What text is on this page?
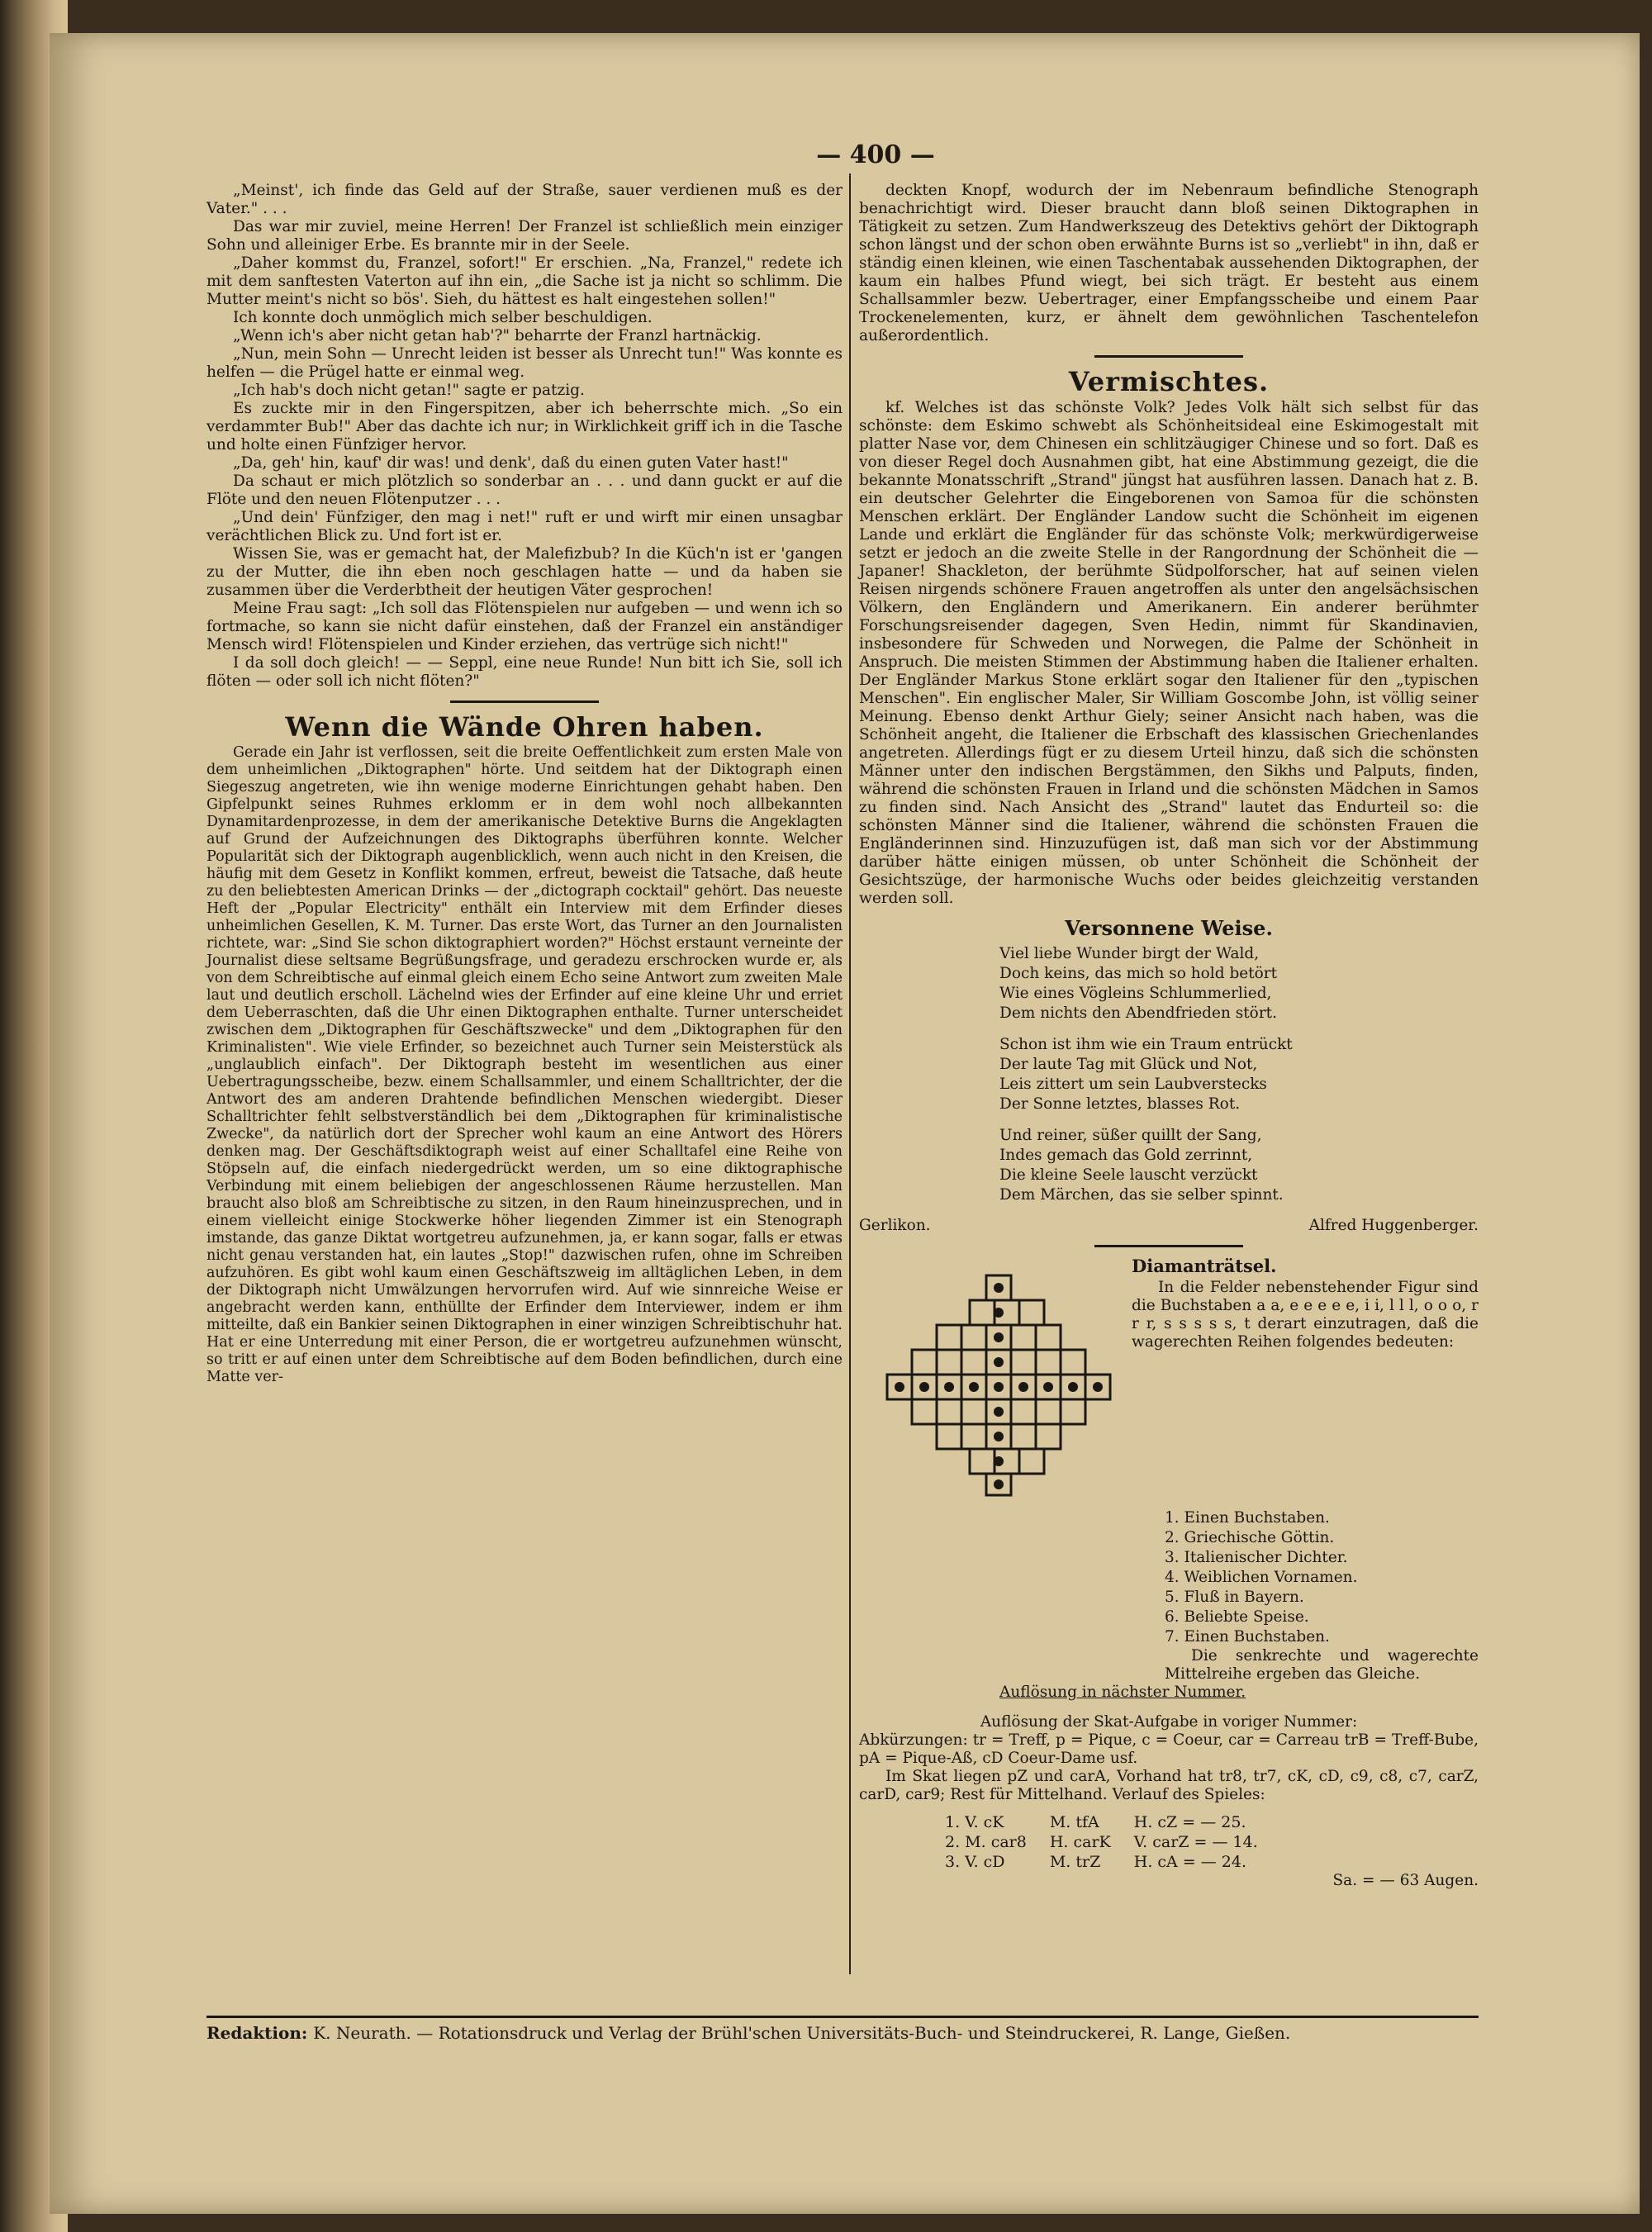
— 400 —

„Meinst', ich finde das Geld auf der Straße, sauer verdienen muß es der Vater." . . .

Das war mir zuviel, meine Herren! Der Franzel ist schließlich mein einziger Sohn und alleiniger Erbe. Es brannte mir in der Seele.

„Daher kommst du, Franzel, sofort!" Er erschien. „Na, Franzel," redete ich mit dem sanftesten Vaterton auf ihn ein, „die Sache ist ja nicht so schlimm. Die Mutter meint's nicht so bös'. Sieh, du hättest es halt eingestehen sollen!"

Ich konnte doch unmöglich mich selber beschuldigen.

„Wenn ich's aber nicht getan hab'?" beharrte der Franzl hartnäckig.

„Nun, mein Sohn — Unrecht leiden ist besser als Unrecht tun!" Was konnte es helfen — die Prügel hatte er einmal weg.

„Ich hab's doch nicht getan!" sagte er patzig.

Es zuckte mir in den Fingerspitzen, aber ich beherrschte mich. „So ein verdammter Bub!" Aber das dachte ich nur; in Wirklichkeit griff ich in die Tasche und holte einen Fünfziger hervor.

„Da, geh' hin, kauf' dir was! und denk', daß du einen guten Vater hast!"

Da schaut er mich plötzlich so sonderbar an . . . und dann guckt er auf die Flöte und den neuen Flötenputzer . . .

„Und dein' Fünfziger, den mag i net!" ruft er und wirft mir einen unsagbar verächtlichen Blick zu. Und fort ist er.

Wissen Sie, was er gemacht hat, der Malefizbub? In die Küch'n ist er 'gangen zu der Mutter, die ihn eben noch geschlagen hatte — und da haben sie zusammen über die Verderbtheit der heutigen Väter gesprochen!

Meine Frau sagt: „Ich soll das Flötenspielen nur aufgeben — und wenn ich so fortmache, so kann sie nicht dafür einstehen, daß der Franzel ein anständiger Mensch wird! Flötenspielen und Kinder erziehen, das vertrüge sich nicht!"

I da soll doch gleich! — — Seppl, eine neue Runde! Nun bitt ich Sie, soll ich flöten — oder soll ich nicht flöten?"

Wenn die Wände Ohren haben.

Gerade ein Jahr ist verflossen, seit die breite Oeffentlichkeit zum ersten Male von dem unheimlichen „Diktographen" hörte. Und seitdem hat der Diktograph einen Siegeszug angetreten, wie ihn wenige moderne Einrichtungen gehabt haben. Den Gipfelpunkt seines Ruhmes erklomm er in dem wohl noch allbekannten Dynamitardenprozesse, in dem der amerikanische Detektive Burns die Angeklagten auf Grund der Aufzeichnungen des Diktographs überführen konnte. Welcher Popularität sich der Diktograph augenblicklich, wenn auch nicht in den Kreisen, die häufig mit dem Gesetz in Konflikt kommen, erfreut, beweist die Tatsache, daß heute zu den beliebtesten American Drinks — der „dictograph cocktail" gehört. Das neueste Heft der „Popular Electricity" enthält ein Interview mit dem Erfinder dieses unheimlichen Gesellen, K. M. Turner. Das erste Wort, das Turner an den Journalisten richtete, war: „Sind Sie schon diktographiert worden?" Höchst erstaunt verneinte der Journalist diese seltsame Begrüßungsfrage, und geradezu erschrocken wurde er, als von dem Schreibtische auf einmal gleich einem Echo seine Antwort zum zweiten Male laut und deutlich erscholl. Lächelnd wies der Erfinder auf eine kleine Uhr und erriet dem Ueberraschten, daß die Uhr einen Diktographen enthalte. Turner unterscheidet zwischen dem „Diktographen für Geschäftszwecke" und dem „Diktographen für den Kriminalisten". Wie viele Erfinder, so bezeichnet auch Turner sein Meisterstück als „unglaublich einfach". Der Diktograph besteht im wesentlichen aus einer Uebertragungsscheibe, bezw. einem Schallsammler, und einem Schalltrichter, der die Antwort des am anderen Drahtende befindlichen Menschen wiedergibt. Dieser Schalltrichter fehlt selbstverständlich bei dem „Diktographen für kriminalistische Zwecke", da natürlich dort der Sprecher wohl kaum an eine Antwort des Hörers denken mag. Der Geschäftsdiktograph weist auf einer Schalltafel eine Reihe von Stöpseln auf, die einfach niedergedrückt werden, um so eine diktographische Verbindung mit einem beliebigen der angeschlossenen Räume herzustellen. Man braucht also bloß am Schreibtische zu sitzen, in den Raum hineinzusprechen, und in einem vielleicht einige Stockwerke höher liegenden Zimmer ist ein Stenograph imstande, das ganze Diktat wortgetreu aufzunehmen, ja, er kann sogar, falls er etwas nicht genau verstanden hat, ein lautes „Stop!" dazwischen rufen, ohne im Schreiben aufzuhören. Es gibt wohl kaum einen Geschäftszweig im alltäglichen Leben, in dem der Diktograph nicht Umwälzungen hervorrufen wird. Auf wie sinnreiche Weise er angebracht werden kann, enthüllte der Erfinder dem Interviewer, indem er ihm mitteilte, daß ein Bankier seinen Diktographen in einer winzigen Schreibtischuhr hat. Hat er eine Unterredung mit einer Person, die er wortgetreu aufzunehmen wünscht, so tritt er auf einen unter dem Schreibtische auf dem Boden befindlichen, durch eine Matte ver-

deckten Knopf, wodurch der im Nebenraum befindliche Stenograph benachrichtigt wird. Dieser braucht dann bloß seinen Diktographen in Tätigkeit zu setzen. Zum Handwerkszeug des Detektivs gehört der Diktograph schon längst und der schon oben erwähnte Burns ist so „verliebt" in ihn, daß er ständig einen kleinen, wie einen Taschentabak aussehenden Diktographen, der kaum ein halbes Pfund wiegt, bei sich trägt. Er besteht aus einem Schallsammler bezw. Uebertrager, einer Empfangsscheibe und einem Paar Trockenelementen, kurz, er ähnelt dem gewöhnlichen Taschentelefon außerordentlich.

Vermischtes.

kf. Welches ist das schönste Volk? Jedes Volk hält sich selbst für das schönste: dem Eskimo schwebt als Schönheitsideal eine Eskimogestalt mit platter Nase vor, dem Chinesen ein schlitzäugiger Chinese und so fort. Daß es von dieser Regel doch Ausnahmen gibt, hat eine Abstimmung gezeigt, die die bekannte Monatsschrift „Strand" jüngst hat ausführen lassen. Danach hat z. B. ein deutscher Gelehrter die Eingeborenen von Samoa für die schönsten Menschen erklärt. Der Engländer Landow sucht die Schönheit im eigenen Lande und erklärt die Engländer für das schönste Volk; merkwürdigerweise setzt er jedoch an die zweite Stelle in der Rangordnung der Schönheit die — Japaner! Shackleton, der berühmte Südpolforscher, hat auf seinen vielen Reisen nirgends schönere Frauen angetroffen als unter den angelsächsischen Völkern, den Engländern und Amerikanern. Ein anderer berühmter Forschungsreisender dagegen, Sven Hedin, nimmt für Skandinavien, insbesondere für Schweden und Norwegen, die Palme der Schönheit in Anspruch. Die meisten Stimmen der Abstimmung haben die Italiener erhalten. Der Engländer Markus Stone erklärt sogar den Italiener für den „typischen Menschen". Ein englischer Maler, Sir William Goscombe John, ist völlig seiner Meinung. Ebenso denkt Arthur Giely; seiner Ansicht nach haben, was die Schönheit angeht, die Italiener die Erbschaft des klassischen Griechenlandes angetreten. Allerdings fügt er zu diesem Urteil hinzu, daß sich die schönsten Männer unter den indischen Bergstämmen, den Sikhs und Palputs, finden, während die schönsten Frauen in Irland und die schönsten Mädchen in Samos zu finden sind. Nach Ansicht des „Strand" lautet das Endurteil so: die schönsten Männer sind die Italiener, während die schönsten Frauen die Engländerinnen sind. Hinzuzufügen ist, daß man sich vor der Abstimmung darüber hätte einigen müssen, ob unter Schönheit die Schönheit der Gesichtszüge, der harmonische Wuchs oder beides gleichzeitig verstanden werden soll.

Versonnene Weise.
Viel liebe Wunder birgt der Wald,
Doch keins, das mich so hold betört
Wie eines Vögleins Schlummerlied,
Dem nichts den Abendfrieden stört.
Schon ist ihm wie ein Traum entrückt
Der laute Tag mit Glück und Not,
Leis zittert um sein Laubverstecks
Der Sonne letztes, blasses Rot.
Und reiner, süßer quillt der Sang,
Indes gemach das Gold zerrinnt,
Die kleine Seele lauscht verzückt
Dem Märchen, das sie selber spinnt.
Gerlikon.	Alfred Huggenberger.
Diamanträtsel.

In die Felder nebenstehender Figur sind die Buchstaben a a, e e e e e, i i, l l l, o o o, r r r, s s s s s, t derart einzutragen, daß die wagerechten Reihen folgendes bedeuten:

1. Einen Buchstaben.
2. Griechische Göttin.
3. Italienischer Dichter.
4. Weiblichen Vornamen.
5. Fluß in Bayern.
6. Beliebte Speise.
7. Einen Buchstaben.

Die senkrechte und wagerechte Mittelreihe ergeben das Gleiche.

Auflösung in nächster Nummer.
Auflösung der Skat-Aufgabe in voriger Nummer:
Abkürzungen: tr = Treff, p = Pique, c = Coeur, car = Carreau trB = Treff-Bube, pA = Pique-Aß, cD Coeur-Dame usf.

Im Skat liegen pZ und carA, Vorhand hat tr8, tr7, cK, cD, c9, c8, c7, carZ, carD, car9; Rest für Mittelhand. Verlauf des Spieles:

1. V. cK	M. tfA	H. cZ = — 25.
2. M. car8	H. carK	V. carZ = — 14.
3. V. cD	M. trZ	H. cA = — 24.
Sa. = — 63 Augen.
Redaktion: K. Neurath. — Rotationsdruck und Verlag der Brühl'schen Universitäts-Buch- und Steindruckerei, R. Lange, Gießen.
